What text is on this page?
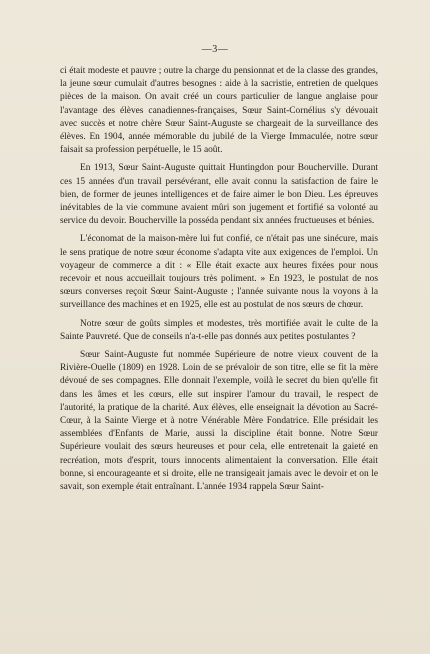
—3—

ci était modeste et pauvre ; outre la charge du pensionnat et de la classe des grandes, la jeune sœur cumulait d'autres besognes : aide à la sacristie, entretien de quelques pièces de la maison. On avait créé un cours particulier de langue anglaise pour l'avantage des élèves canadiennes-françaises, Sœur Saint-Cornélius s'y dévouait avec succès et notre chère Sœur Saint-Auguste se chargeait de la surveillance des élèves. En 1904, année mémorable du jubilé de la Vierge Immaculée, notre sœur faisait sa profession perpétuelle, le 15 août.

En 1913, Sœur Saint-Auguste quittait Huntingdon pour Boucherville. Durant ces 15 années d'un travail persévérant, elle avait connu la satisfaction de faire le bien, de former de jeunes intelligences et de faire aimer le bon Dieu. Les épreuves inévitables de la vie commune avaient mûri son jugement et fortifié sa volonté au service du devoir. Boucherville la posséda pendant six années fructueuses et bénies.

L'économat de la maison-mère lui fut confié, ce n'était pas une sinécure, mais le sens pratique de notre sœur économe s'adapta vite aux exigences de l'emploi. Un voyageur de commerce a dit : « Elle était exacte aux heures fixées pour nous recevoir et nous accueillait toujours très poliment. » En 1923, le postulat de nos sœurs converses reçoit Sœur Saint-Auguste ; l'année suivante nous la voyons à la surveillance des machines et en 1925, elle est au postulat de nos sœurs de chœur.

Notre sœur de goûts simples et modestes, très mortifiée avait le culte de la Sainte Pauvreté. Que de conseils n'a-t-elle pas donnés aux petites postulantes ?

Sœur Saint-Auguste fut nommée Supérieure de notre vieux couvent de la Rivière-Ouelle (1809) en 1928. Loin de se prévaloir de son titre, elle se fit la mère dévoué de ses compagnes. Elle donnait l'exemple, voilà le secret du bien qu'elle fit dans les âmes et les cœurs, elle sut inspirer l'amour du travail, le respect de l'autorité, la pratique de la charité. Aux élèves, elle enseignait la dévotion au Sacré-Cœur, à la Sainte Vierge et à notre Vénérable Mère Fondatrice. Elle présidait les assemblées d'Enfants de Marie, aussi la discipline était bonne. Notre Sœur Supérieure voulait des sœurs heureuses et pour cela, elle entretenait la gaieté en recréation, mots d'esprit, tours innocents alimentaient la conversation. Elle était bonne, si encourageante et si droite, elle ne transigeait jamais avec le devoir et on le savait, son exemple était entraînant. L'année 1934 rappela Sœur Saint-
